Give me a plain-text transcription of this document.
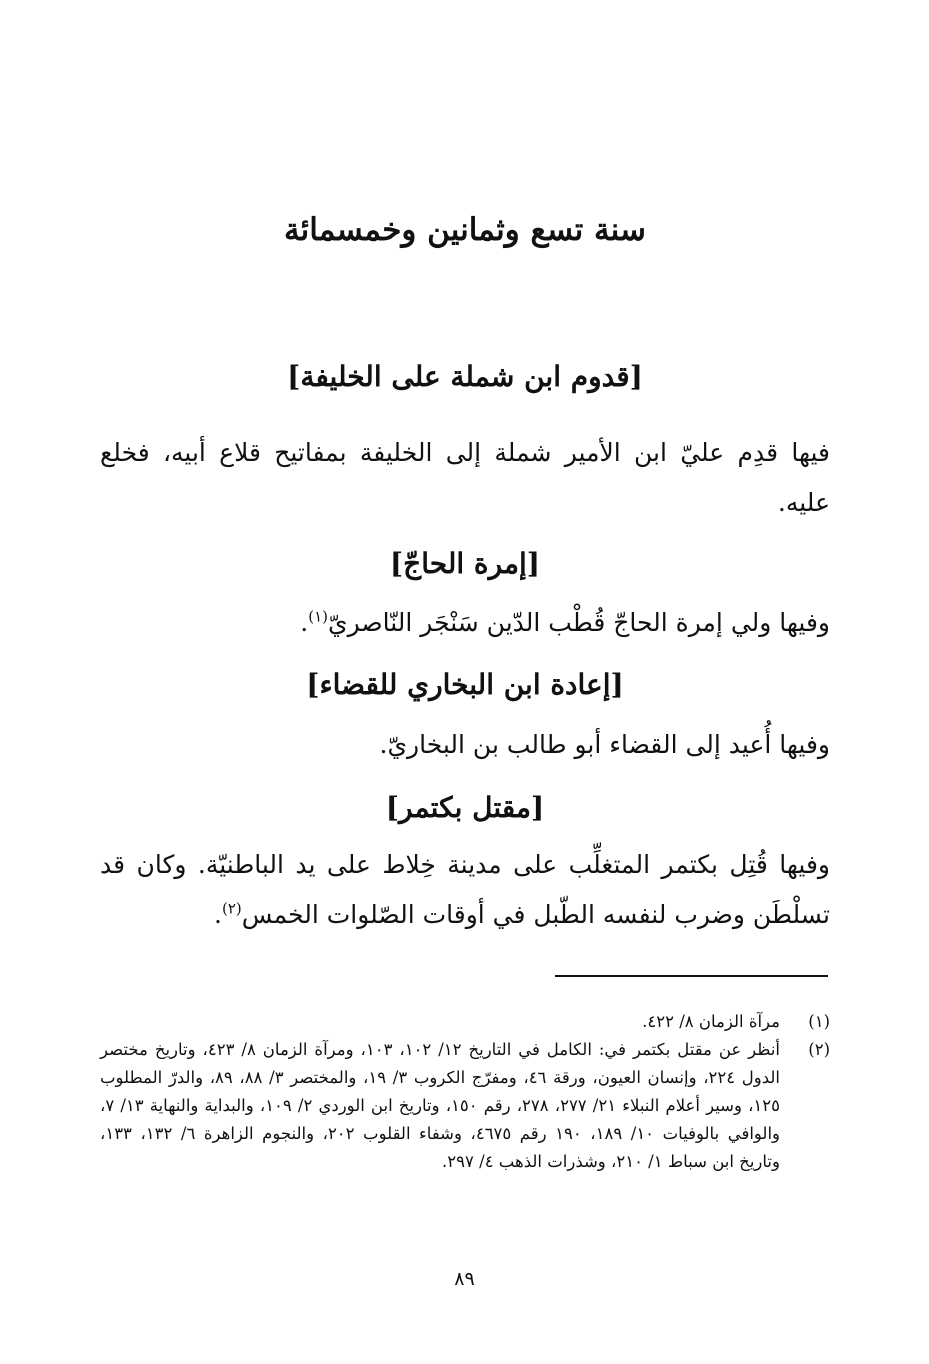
سنة تسع وثمانين وخمسمائة
[قدوم ابن شملة على الخليفة]
فيها قدِم عليّ ابن الأمير شملة إلى الخليفة بمفاتيح قلاع أبيه، فخلع عليه.
[إمرة الحاجّ]
وفيها ولي إمرة الحاجّ قُطْب الدّين سَنْجَر النّاصريّ$^{(١)}$.
[إعادة ابن البخاري للقضاء]
وفيها أُعيد إلى القضاء أبو طالب بن البخاريّ.
[مقتل بكتمر]
وفيها قُتِل بكتمر المتغلِّب على مدينة خِلاط على يد الباطنيّة. وكان قد تسلْطَن وضرب لنفسه الطّبل في أوقات الصّلوات الخمس$^{(٢)}$.
(١)
مرآة الزمان ٨/ ٤٢٢.
(٢)
أنظر عن مقتل بكتمر في: الكامل في التاريخ ١٢/ ١٠٢، ١٠٣، ومرآة الزمان ٨/ ٤٢٣، وتاريخ مختصر الدول ٢٢٤، وإنسان العيون، ورقة ٤٦، ومفرّج الكروب ٣/ ١٩، والمختصر ٣/ ٨٨، ٨٩، والدرّ المطلوب ١٢٥، وسير أعلام النبلاء ٢١/ ٢٧٧، ٢٧٨، رقم ١٥٠، وتاريخ ابن الوردي ٢/ ١٠٩، والبداية والنهاية ١٣/ ٧، والوافي بالوفيات ١٠/ ١٨٩، ١٩٠ رقم ٤٦٧٥، وشفاء القلوب ٢٠٢، والنجوم الزاهرة ٦/ ١٣٢، ١٣٣، وتاريخ ابن سباط ١/ ٢١٠، وشذرات الذهب ٤/ ٢٩٧.
٨٩
